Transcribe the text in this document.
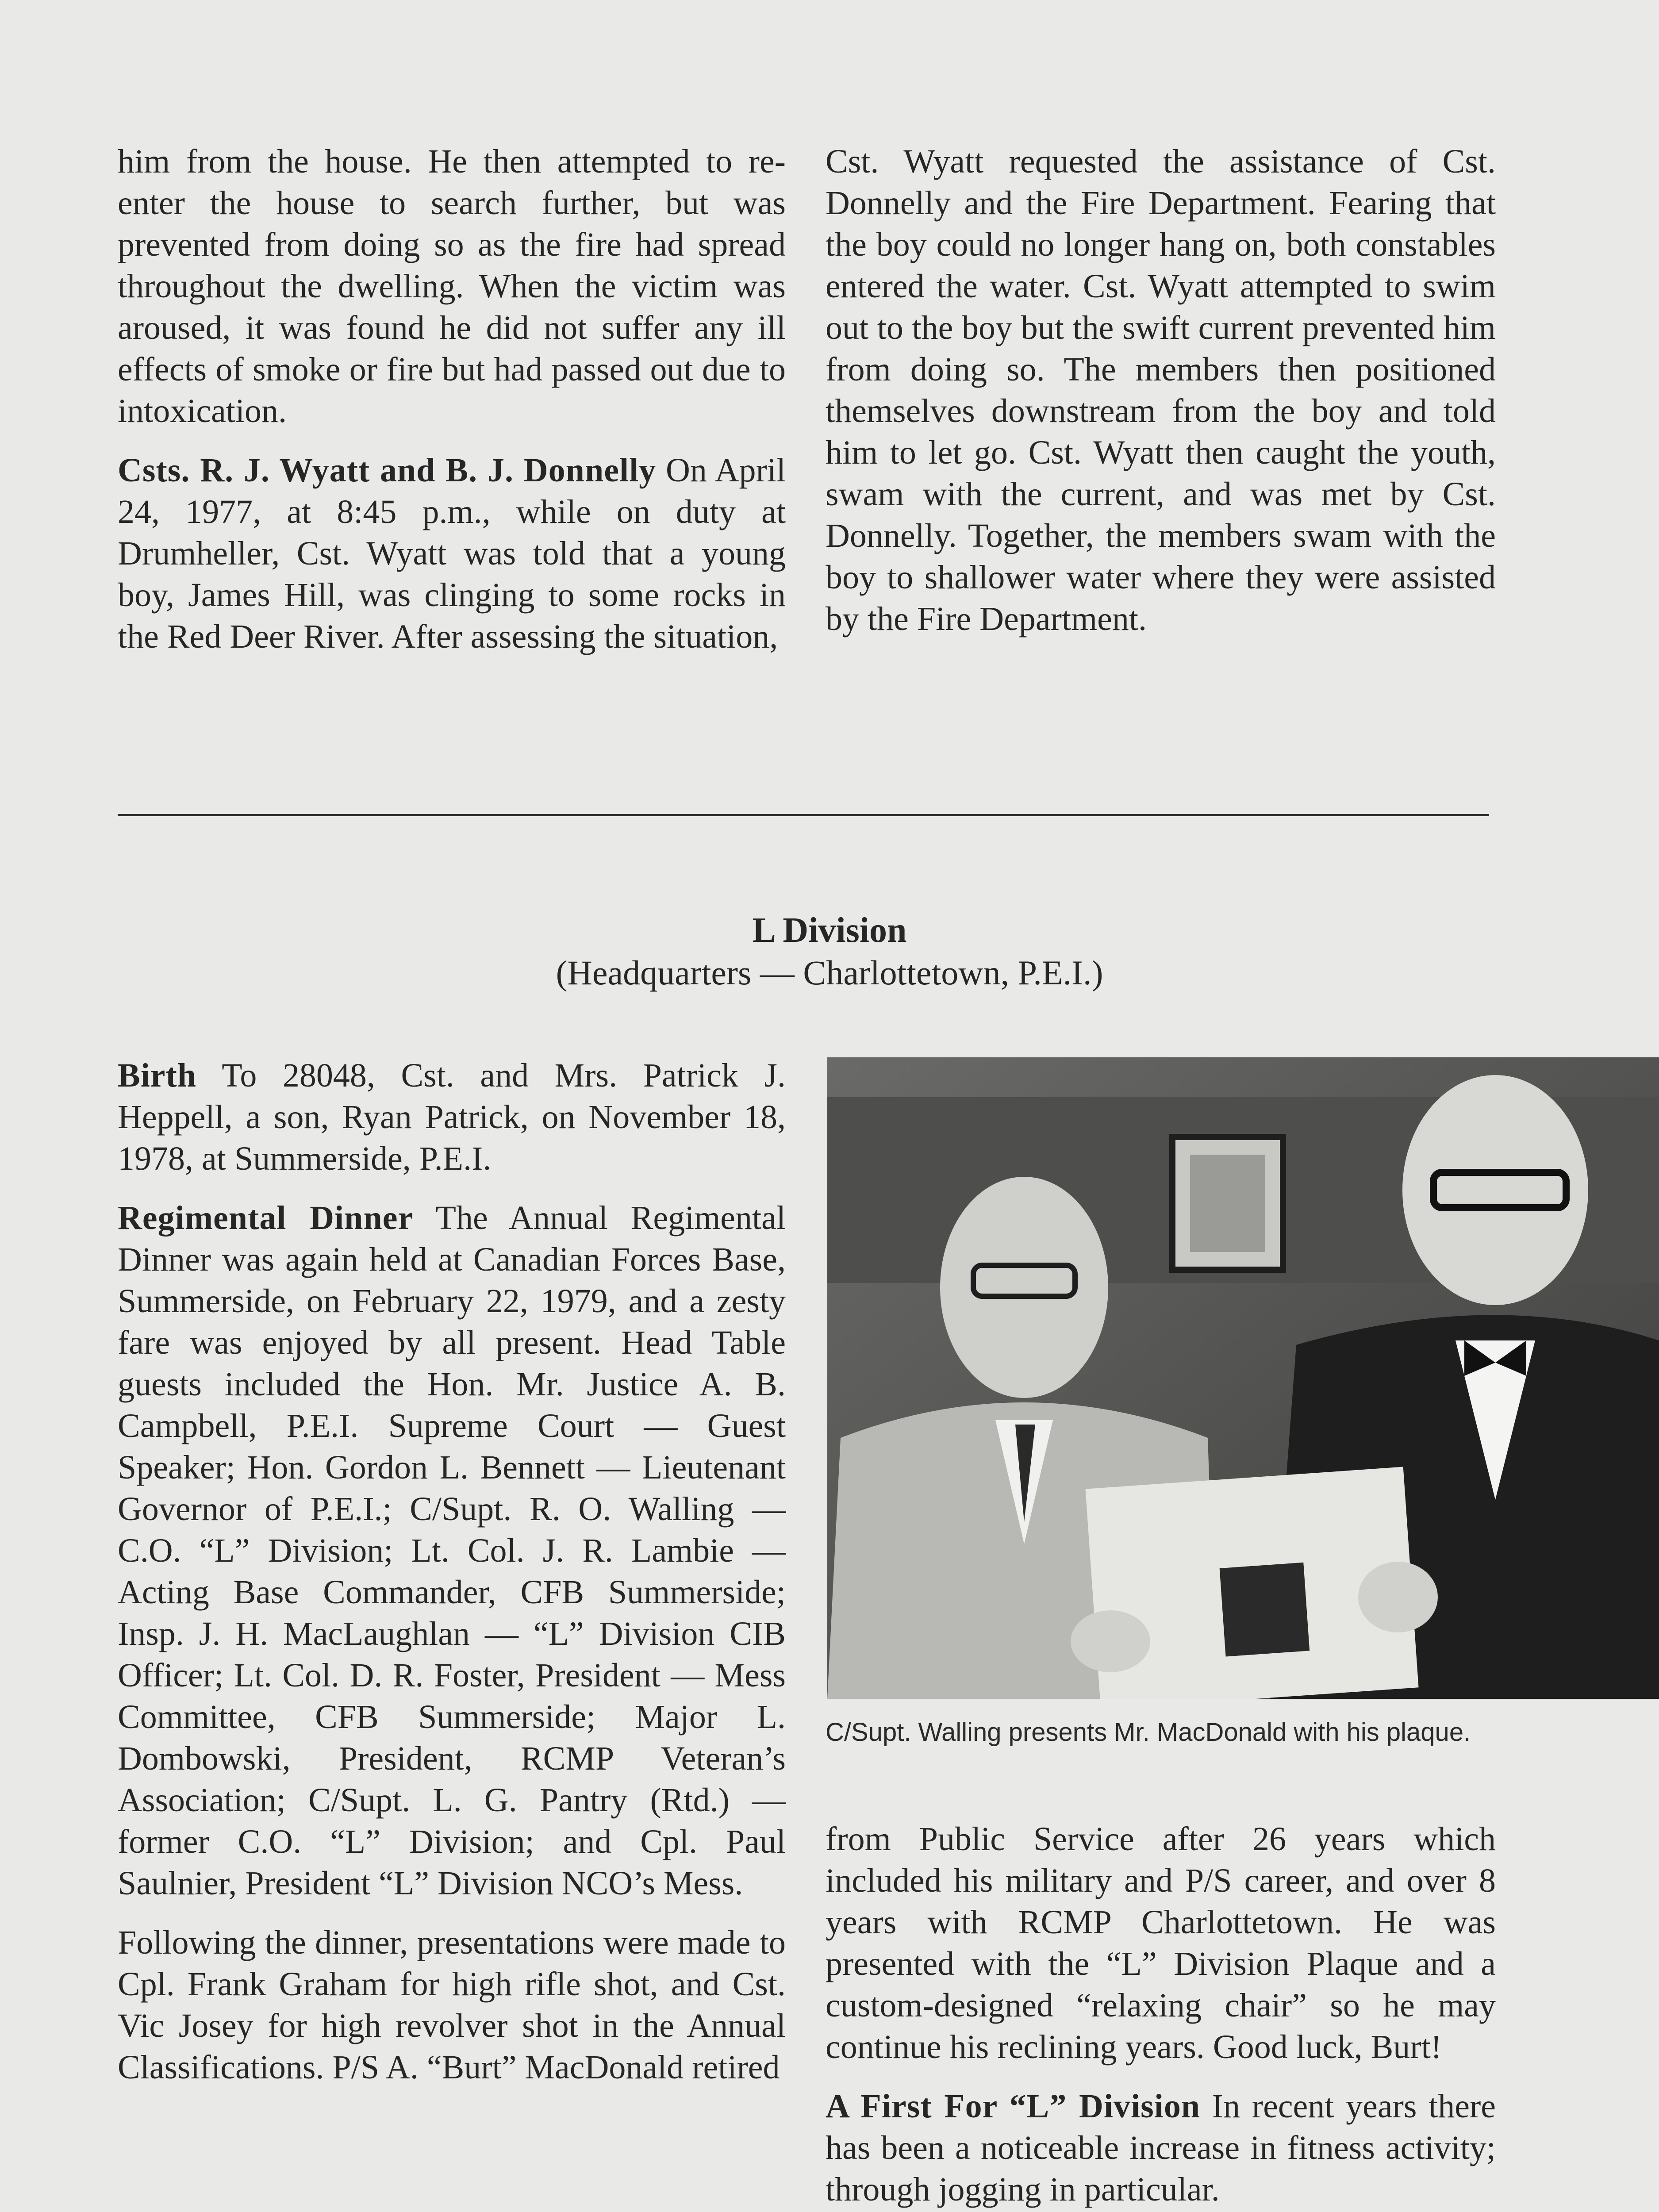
him from the house. He then attempted to re-enter the house to search further, but was prevented from doing so as the fire had spread throughout the dwelling. When the victim was aroused, it was found he did not suffer any ill effects of smoke or fire but had passed out due to intoxication.

Csts. R. J. Wyatt and B. J. Donnelly On April 24, 1977, at 8:45 p.m., while on duty at Drumheller, Cst. Wyatt was told that a young boy, James Hill, was clinging to some rocks in the Red Deer River. After assessing the situation,

Cst. Wyatt requested the assistance of Cst. Donnelly and the Fire Department. Fearing that the boy could no longer hang on, both constables entered the water. Cst. Wyatt attempted to swim out to the boy but the swift current prevented him from doing so. The members then positioned themselves downstream from the boy and told him to let go. Cst. Wyatt then caught the youth, swam with the current, and was met by Cst. Donnelly. Together, the members swam with the boy to shallower water where they were assisted by the Fire Department.

L Division
(Headquarters — Charlottetown, P.E.I.)

Birth To 28048, Cst. and Mrs. Patrick J. Heppell, a son, Ryan Patrick, on November 18, 1978, at Summerside, P.E.I.

Regimental Dinner The Annual Regimental Dinner was again held at Canadian Forces Base, Summerside, on February 22, 1979, and a zesty fare was enjoyed by all present. Head Table guests included the Hon. Mr. Justice A. B. Campbell, P.E.I. Supreme Court — Guest Speaker; Hon. Gordon L. Bennett — Lieutenant Governor of P.E.I.; C/Supt. R. O. Walling — C.O. “L” Division; Lt. Col. J. R. Lambie — Acting Base Commander, CFB Summerside; Insp. J. H. MacLaughlan — “L” Division CIB Officer; Lt. Col. D. R. Foster, President — Mess Committee, CFB Summerside; Major L. Dombowski, President, RCMP Veteran’s Association; C/Supt. L. G. Pantry (Rtd.) — former C.O. “L” Division; and Cpl. Paul Saulnier, President “L” Division NCO’s Mess.

Following the dinner, presentations were made to Cpl. Frank Graham for high rifle shot, and Cst. Vic Josey for high revolver shot in the Annual Classifications. P/S A. “Burt” MacDonald retired

C/Supt. Walling presents Mr. MacDonald with his plaque.

from Public Service after 26 years which included his military and P/S career, and over 8 years with RCMP Charlottetown. He was presented with the “L” Division Plaque and a custom-designed “relaxing chair” so he may continue his reclining years. Good luck, Burt!

A First For “L” Division In recent years there has been a noticeable increase in fitness activity; through jogging in particular.
